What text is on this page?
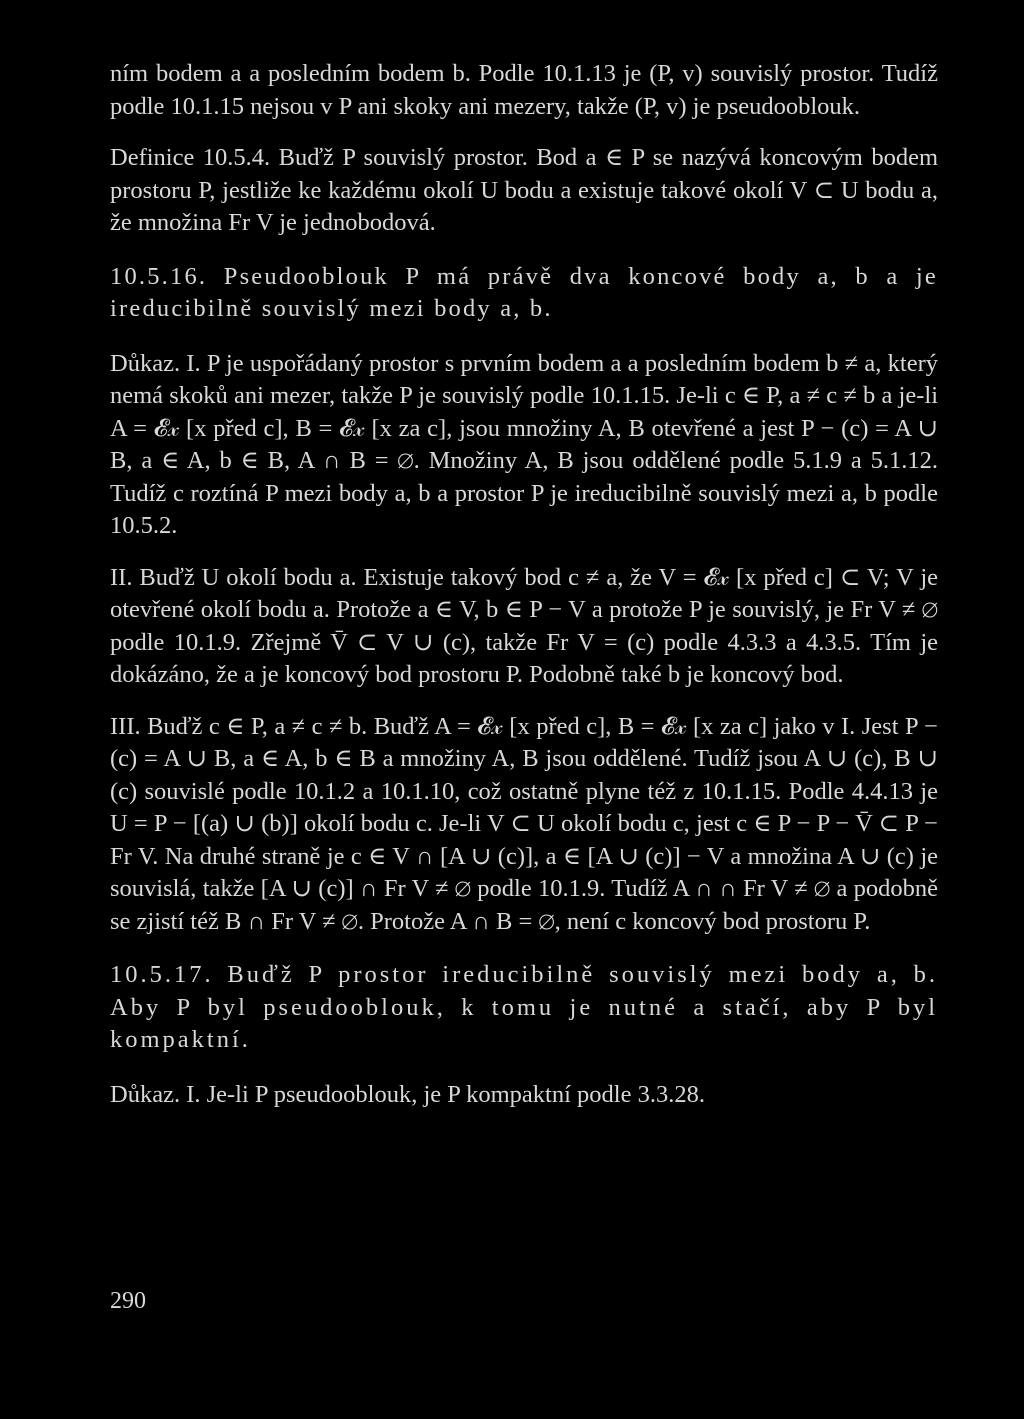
ním bodem a a posledním bodem b. Podle 10.1.13 je (P, v) souvislý prostor. Tudíž podle 10.1.15 nejsou v P ani skoky ani mezery, takže (P, v) je pseudooblouk.

Definice 10.5.4. Buďž P souvislý prostor. Bod a ∈ P se nazývá koncovým bodem prostoru P, jestliže ke každému okolí U bodu a existuje takové okolí V ⊂ U bodu a, že množina Fr V je jednobodová.

10.5.16. Pseudooblouk P má právě dva koncové body a, b a je ireducibilně souvislý mezi body a, b.

Důkaz. I. P je uspořádaný prostor s prvním bodem a a posledním bodem b ≠ a, který nemá skoků ani mezer, takže P je souvislý podle 10.1.15. Je-li c ∈ P, a ≠ c ≠ b a je-li A = 𝓔𝓍 [x před c], B = 𝓔𝓍 [x za c], jsou množiny A, B otevřené a jest P − (c) = A ∪ B, a ∈ A, b ∈ B, A ∩ B = ∅. Množiny A, B jsou oddělené podle 5.1.9 a 5.1.12. Tudíž c roztíná P mezi body a, b a prostor P je ireducibilně souvislý mezi a, b podle 10.5.2.

II. Buďž U okolí bodu a. Existuje takový bod c ≠ a, že V = 𝓔𝓍 [x před c] ⊂ V; V je otevřené okolí bodu a. Protože a ∈ V, b ∈ P − V a protože P je souvislý, je Fr V ≠ ∅ podle 10.1.9. Zřejmě V̄ ⊂ V ∪ (c), takže Fr V = (c) podle 4.3.3 a 4.3.5. Tím je dokázáno, že a je koncový bod prostoru P. Podobně také b je koncový bod.

III. Buďž c ∈ P, a ≠ c ≠ b. Buďž A = 𝓔𝓍 [x před c], B = 𝓔𝓍 [x za c] jako v I. Jest P − (c) = A ∪ B, a ∈ A, b ∈ B a množiny A, B jsou oddělené. Tudíž jsou A ∪ (c), B ∪ (c) souvislé podle 10.1.2 a 10.1.10, což ostatně plyne též z 10.1.15. Podle 4.4.13 je U = P − [(a) ∪ (b)] okolí bodu c. Je-li V ⊂ U okolí bodu c, jest c ∈ P − P − V̄ ⊂ P − Fr V. Na druhé straně je c ∈ V ∩ [A ∪ (c)], a ∈ [A ∪ (c)] − V a množina A ∪ (c) je souvislá, takže [A ∪ (c)] ∩ Fr V ≠ ∅ podle 10.1.9. Tudíž A ∩ ∩ Fr V ≠ ∅ a podobně se zjistí též B ∩ Fr V ≠ ∅. Protože A ∩ B = ∅, není c koncový bod prostoru P.

10.5.17. Buďž P prostor ireducibilně souvislý mezi body a, b. Aby P byl pseudooblouk, k tomu je nutné a stačí, aby P byl kompaktní.

Důkaz. I. Je-li P pseudooblouk, je P kompaktní podle 3.3.28.

290
